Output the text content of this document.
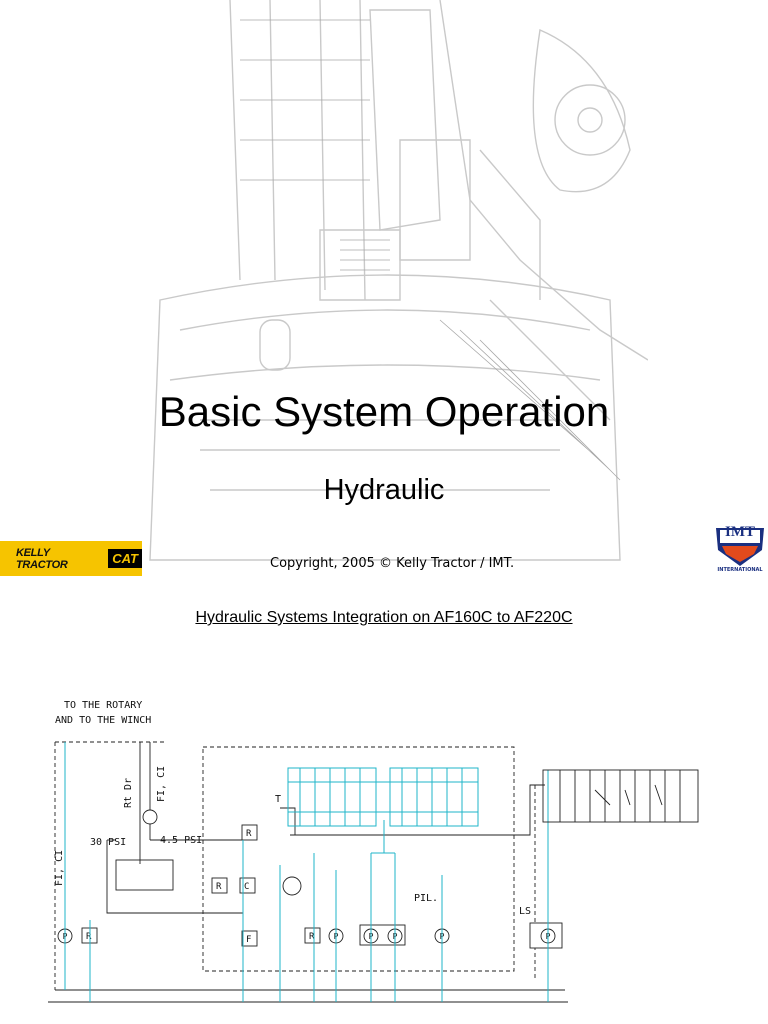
Basic System Operation
Hydraulic
KELLY TRACTOR	CAT	Copyright, 2005 © Kelly Tractor / IMT.
IMT
INTERNATIONAL
Hydraulic Systems Integration on AF160C to AF220C
TO THE ROTARY
AND TO THE WINCH
Rt Dr FI, CI
FI, CI
30 PSI	4.5 PSI
T
PIL.
LS
R
R	C
F
R	R
P	P	P P	P	P
